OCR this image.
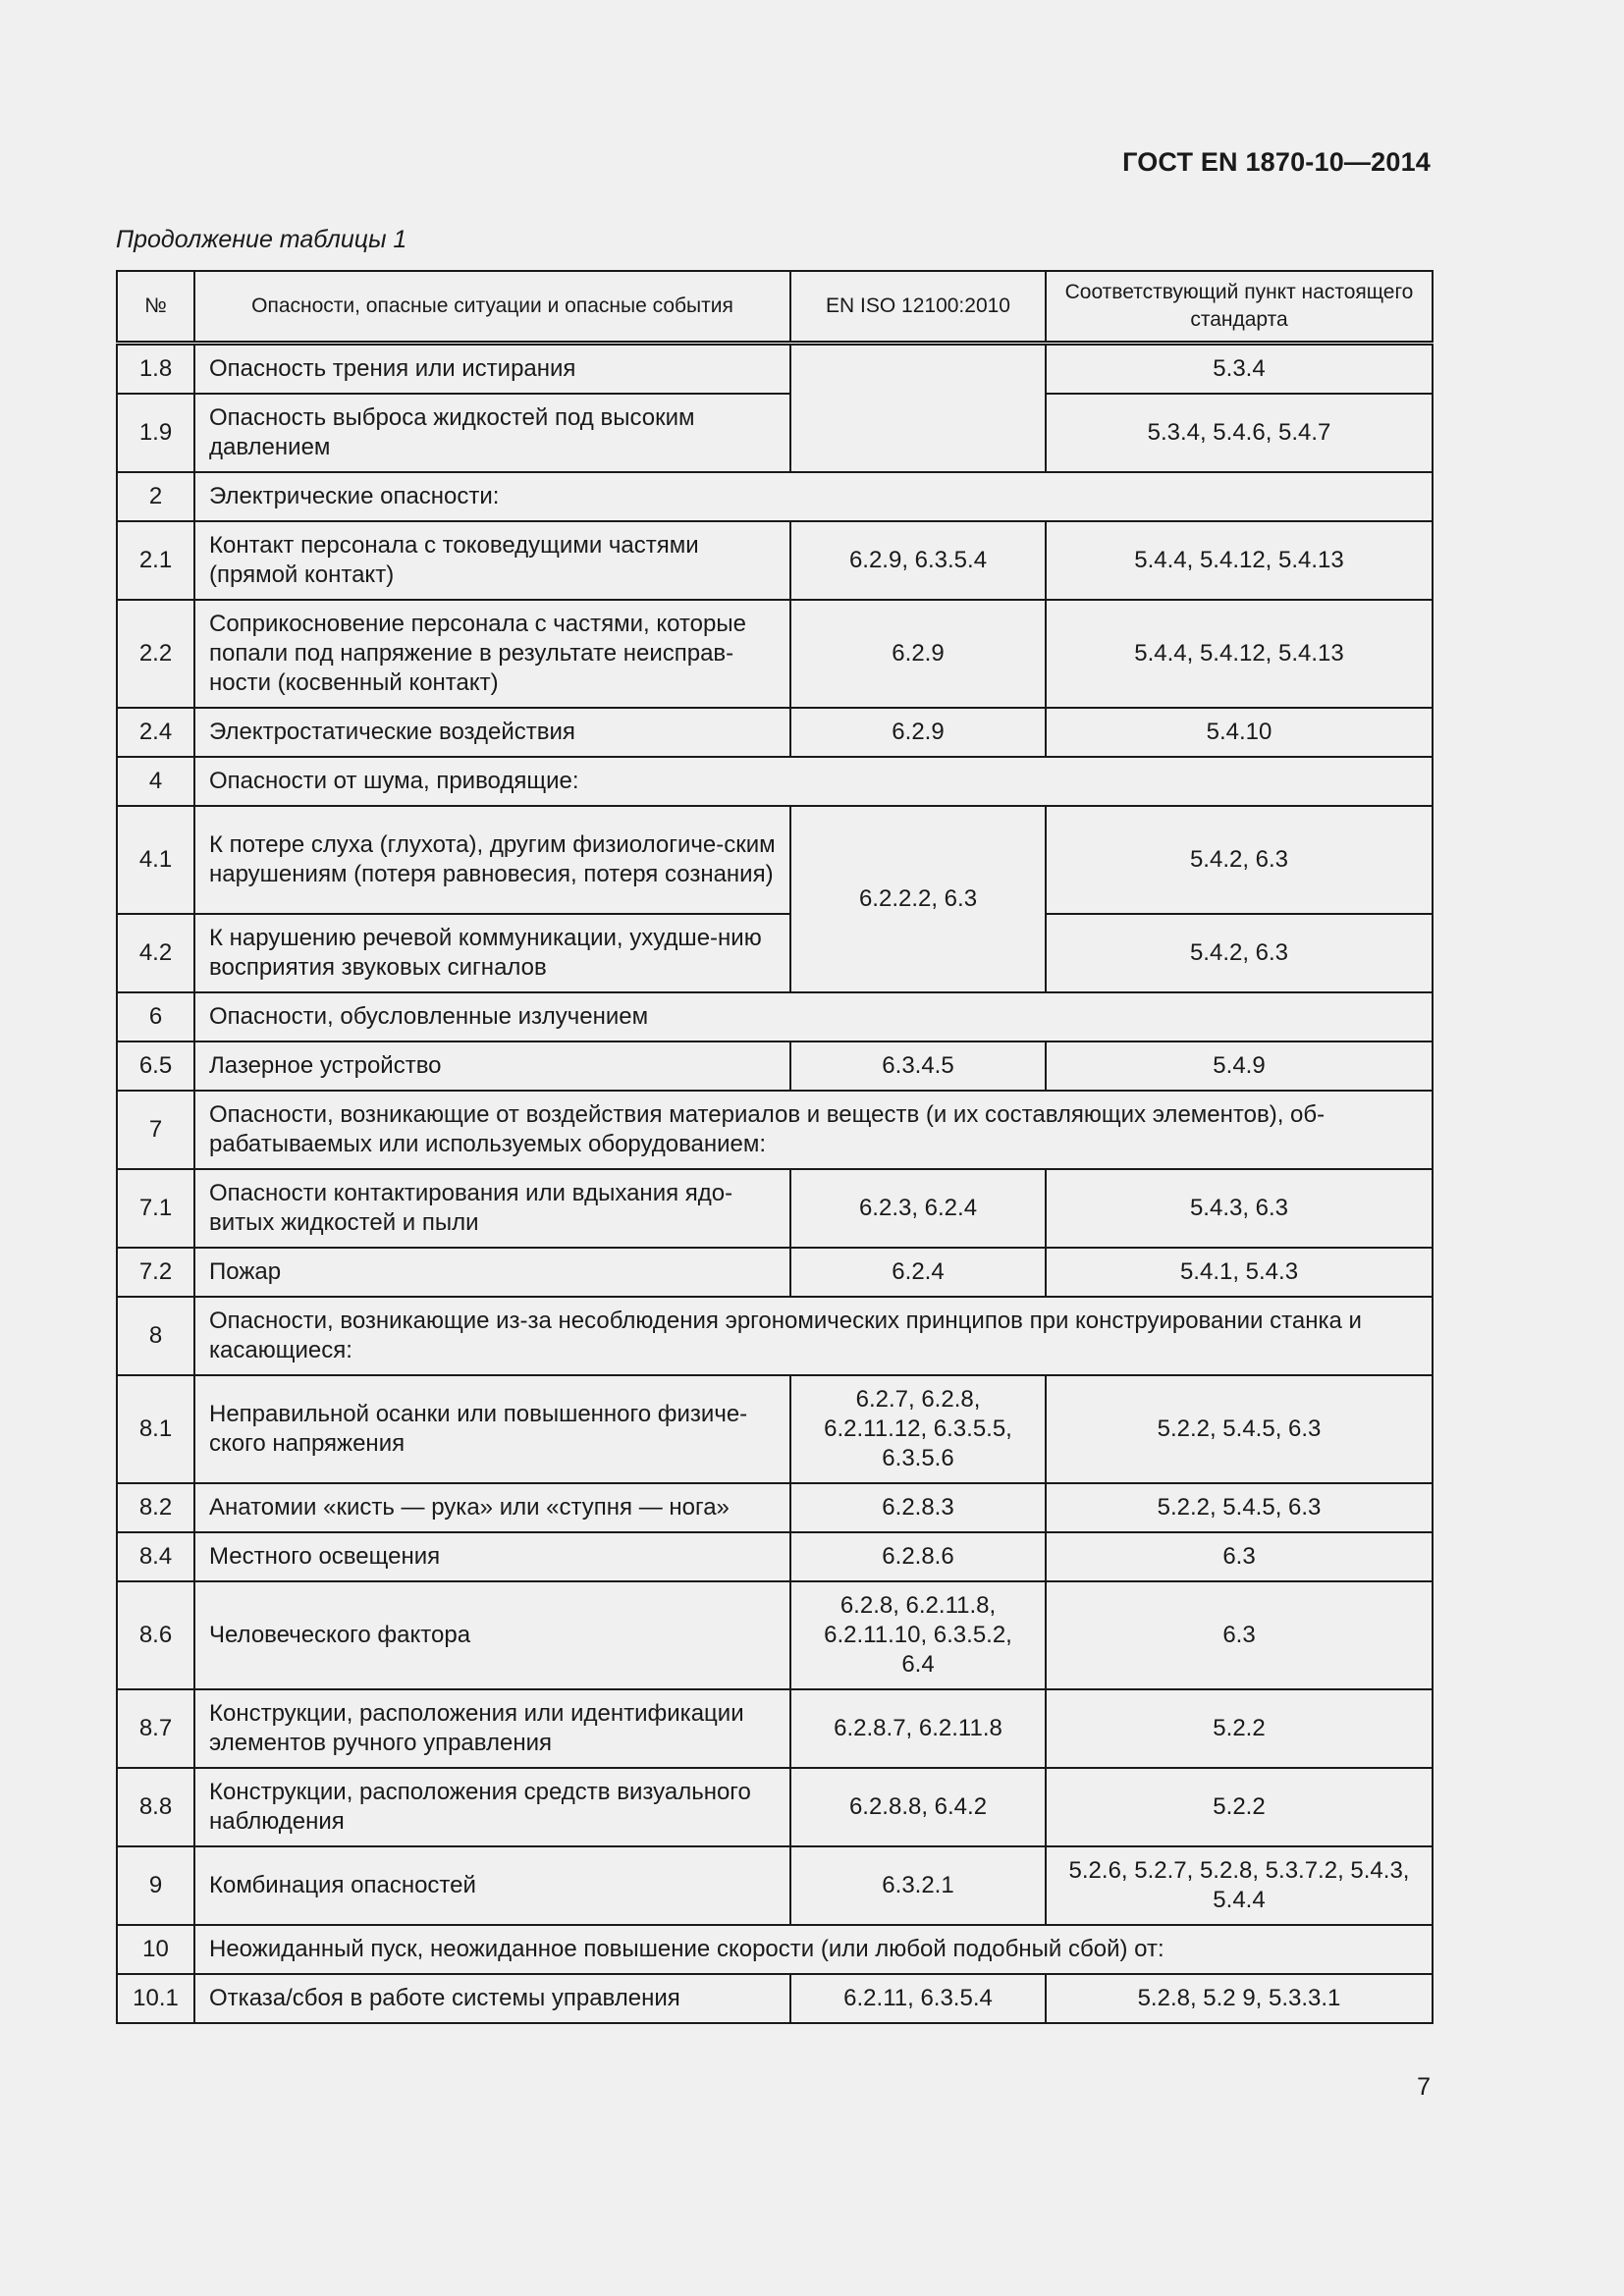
ГОСТ EN 1870-10—2014
Продолжение таблицы 1
№	Опасности, опасные ситуации и опасные события	EN ISO 12100:2010	Соответствующий пункт настоящего стандарта
1.8	Опасность трения или истирания		5.3.4
1.9	Опасность выброса жидкостей под высоким давлением		5.3.4, 5.4.6, 5.4.7
2	Электрические опасности:		
2.1	Контакт персонала с токоведущими частями (прямой контакт)	6.2.9, 6.3.5.4	5.4.4, 5.4.12, 5.4.13
2.2	Соприкосновение персонала с частями, которые попали под напряжение в результате неисправ-ности (косвенный контакт)	6.2.9	5.4.4, 5.4.12, 5.4.13
2.4	Электростатические воздействия	6.2.9	5.4.10
4	Опасности от шума, приводящие:		
4.1	К потере слуха (глухота), другим физиологиче-ским нарушениям (потеря равновесия, потеря сознания)	6.2.2.2, 6.3	5.4.2, 6.3
4.2	К нарушению речевой коммуникации, ухудше-нию восприятия звуковых сигналов		5.4.2, 6.3
6	Опасности, обусловленные излучением		
6.5	Лазерное устройство	6.3.4.5	5.4.9
7	Опасности, возникающие от воздействия материалов и веществ (и их составляющих элементов), об-рабатываемых или используемых оборудованием:		
7.1	Опасности контактирования или вдыхания ядо-витых жидкостей и пыли	6.2.3, 6.2.4	5.4.3, 6.3
7.2	Пожар	6.2.4	5.4.1, 5.4.3
8	Опасности, возникающие из-за несоблюдения эргономических принципов при конструировании станка и касающиеся:		
8.1	Неправильной осанки или повышенного физиче-ского напряжения	6.2.7, 6.2.8, 6.2.11.12, 6.3.5.5, 6.3.5.6	5.2.2, 5.4.5, 6.3
8.2	Анатомии «кисть — рука» или «ступня — нога»	6.2.8.3	5.2.2, 5.4.5, 6.3
8.4	Местного освещения	6.2.8.6	6.3
8.6	Человеческого фактора	6.2.8, 6.2.11.8, 6.2.11.10, 6.3.5.2, 6.4	6.3
8.7	Конструкции, расположения или идентификации элементов ручного управления	6.2.8.7, 6.2.11.8	5.2.2
8.8	Конструкции, расположения средств визуального наблюдения	6.2.8.8, 6.4.2	5.2.2
9	Комбинация опасностей	6.3.2.1	5.2.6, 5.2.7, 5.2.8, 5.3.7.2, 5.4.3, 5.4.4
10	Неожиданный пуск, неожиданное повышение скорости (или любой подобный сбой) от:		
10.1	Отказа/сбоя в работе системы управления	6.2.11, 6.3.5.4	5.2.8, 5.2 9, 5.3.3.1
7
